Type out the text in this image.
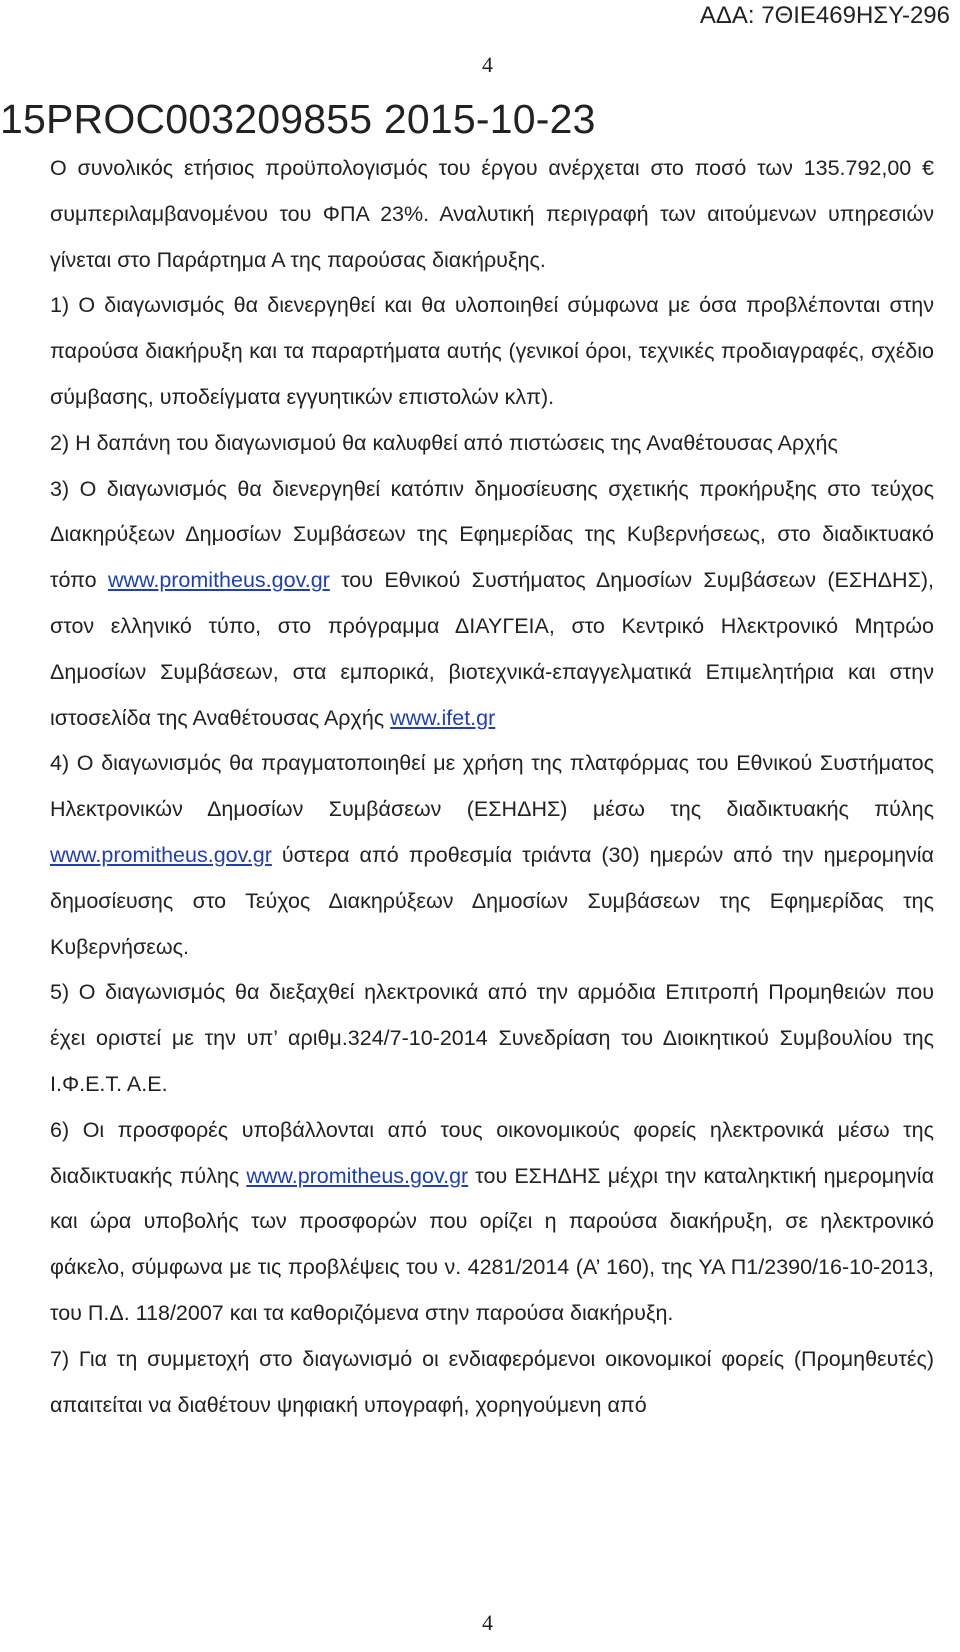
ΑΔΑ: 7ΘΙΕ469ΗΣΥ-296
4
15PROC003209855 2015-10-23

Ο συνολικός ετήσιος προϋπολογισμός του έργου ανέρχεται στο ποσό των 135.792,00 € συμπεριλαμβανομένου του ΦΠΑ 23%. Αναλυτική περιγραφή των αιτούμενων υπηρεσιών γίνεται στο Παράρτημα Α της παρούσας διακήρυξης.

1) Ο διαγωνισμός θα διενεργηθεί και θα υλοποιηθεί σύμφωνα με όσα προβλέπονται στην παρούσα διακήρυξη και τα παραρτήματα αυτής (γενικοί όροι, τεχνικές προδιαγραφές, σχέδιο σύμβασης, υποδείγματα εγγυητικών επιστολών κλπ).

2) Η δαπάνη του διαγωνισμού θα καλυφθεί από πιστώσεις της Αναθέτουσας Αρχής

3) Ο διαγωνισμός θα διενεργηθεί κατόπιν δημοσίευσης σχετικής προκήρυξης στο τεύχος Διακηρύξεων Δημοσίων Συμβάσεων της Εφημερίδας της Κυβερνήσεως, στο διαδικτυακό τόπο www.promitheus.gov.gr του Εθνικού Συστήματος Δημοσίων Συμβάσεων (ΕΣΗΔΗΣ), στον ελληνικό τύπο, στο πρόγραμμα ΔΙΑΥΓΕΙΑ, στο Κεντρικό Ηλεκτρονικό Μητρώο Δημοσίων Συμβάσεων, στα εμπορικά, βιοτεχνικά-επαγγελματικά Επιμελητήρια και στην ιστοσελίδα της Αναθέτουσας Αρχής www.ifet.gr

4) Ο διαγωνισμός θα πραγματοποιηθεί με χρήση της πλατφόρμας του Εθνικού Συστήματος Ηλεκτρονικών Δημοσίων Συμβάσεων (ΕΣΗΔΗΣ) μέσω της διαδικτυακής πύλης www.promitheus.gov.gr ύστερα από προθεσμία τριάντα (30) ημερών από την ημερομηνία δημοσίευσης στο Τεύχος Διακηρύξεων Δημοσίων Συμβάσεων της Εφημερίδας της Κυβερνήσεως.

5) Ο διαγωνισμός θα διεξαχθεί ηλεκτρονικά από την αρμόδια Επιτροπή Προμηθειών που έχει οριστεί με την υπ’ αριθμ.324/7-10-2014 Συνεδρίαση του Διοικητικού Συμβουλίου της Ι.Φ.Ε.Τ. Α.Ε.

6) Οι προσφορές υποβάλλονται από τους οικονομικούς φορείς ηλεκτρονικά μέσω της διαδικτυακής πύλης www.promitheus.gov.gr του ΕΣΗΔΗΣ μέχρι την καταληκτική ημερομηνία και ώρα υποβολής των προσφορών που ορίζει η παρούσα διακήρυξη, σε ηλεκτρονικό φάκελο, σύμφωνα με τις προβλέψεις του ν. 4281/2014 (Α’ 160), της ΥΑ Π1/2390/16-10-2013, του Π.Δ. 118/2007 και τα καθοριζόμενα στην παρούσα διακήρυξη.

7) Για τη συμμετοχή στο διαγωνισμό οι ενδιαφερόμενοι οικονομικοί φορείς (Προμηθευτές) απαιτείται να διαθέτουν ψηφιακή υπογραφή, χορηγούμενη από

4
